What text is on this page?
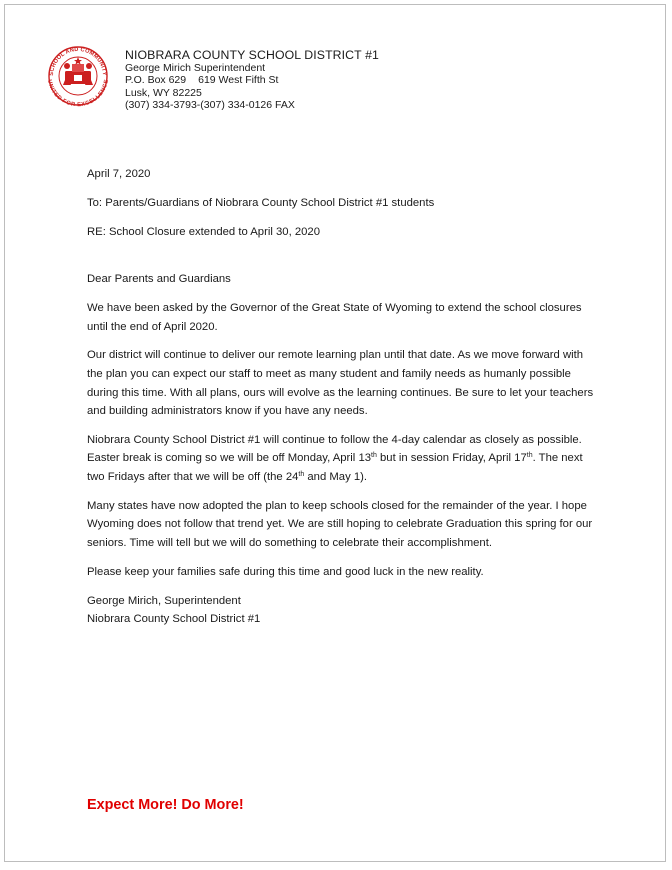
SCHOOL AND COMMUNITY
UNITED FOR EXCELLENCE
NIOBRARA COUNTY SCHOOL DISTRICT #1
George Mirich Superintendent
P.O. Box 629 619 West Fifth St
Lusk, WY 82225
(307) 334-3793-(307) 334-0126 FAX

April 7, 2020

To: Parents/Guardians of Niobrara County School District #1 students

RE: School Closure extended to April 30, 2020

Dear Parents and Guardians

We have been asked by the Governor of the Great State of Wyoming to extend the school closures until the end of April 2020.

Our district will continue to deliver our remote learning plan until that date. As we move forward with the plan you can expect our staff to meet as many student and family needs as humanly possible during this time. With all plans, ours will evolve as the learning continues. Be sure to let your teachers and building administrators know if you have any needs.

Niobrara County School District #1 will continue to follow the 4-day calendar as closely as possible. Easter break is coming so we will be off Monday, April 13th but in session Friday, April 17th. The next two Fridays after that we will be off (the 24th and May 1).

Many states have now adopted the plan to keep schools closed for the remainder of the year. I hope Wyoming does not follow that trend yet. We are still hoping to celebrate Graduation this spring for our seniors. Time will tell but we will do something to celebrate their accomplishment.

Please keep your families safe during this time and good luck in the new reality.

George Mirich, Superintendent
Niobrara County School District #1
Expect More! Do More!
